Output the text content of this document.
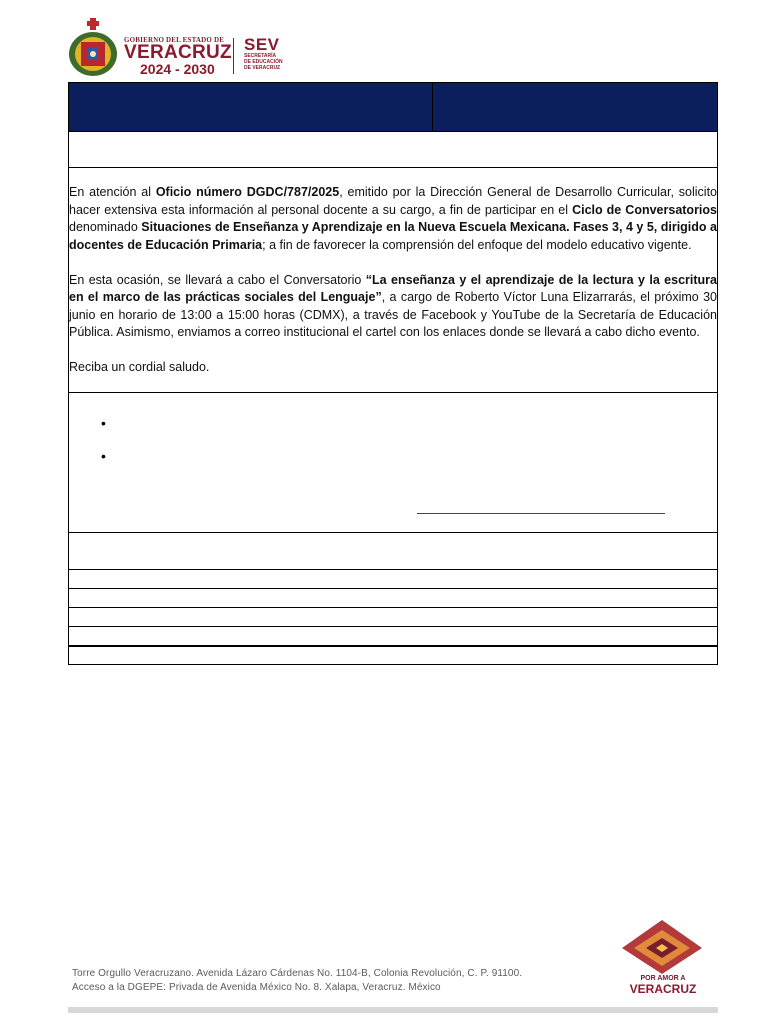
GOBIERNO DEL ESTADO DE
VERACRUZ
2024 - 2030
SEV
SECRETARÍA
DE EDUCACIÓN
DE VERACRUZ

En atención al Oficio número DGDC/787/2025, emitido por la Dirección General de Desarrollo Curricular, solicito hacer extensiva esta información al personal docente a su cargo, a fin de participar en el Ciclo de Conversatorios denominado Situaciones de Enseñanza y Aprendizaje en la Nueva Escuela Mexicana. Fases 3, 4 y 5, dirigido a docentes de Educación Primaria; a fin de favorecer la comprensión del enfoque del modelo educativo vigente.

En esta ocasión, se llevará a cabo el Conversatorio “La enseñanza y el aprendizaje de la lectura y la escritura en el marco de las prácticas sociales del Lenguaje”, a cargo de Roberto Víctor Luna Elizarrarás, el próximo 30 junio en horario de 13:00 a 15:00 horas (CDMX), a través de Facebook y YouTube de la Secretaría de Educación Pública. Asimismo, enviamos a correo institucional el cartel con los enlaces donde se llevará a cabo dicho evento.

Reciba un cordial saludo.

•
•
Torre Orgullo Veracruzano. Avenida Lázaro Cárdenas No. 1104-B, Colonia Revolución, C. P. 91100.
Acceso a la DGEPE: Privada de Avenida México No. 8. Xalapa, Veracruz. México
POR AMOR A
VERACRUZ
